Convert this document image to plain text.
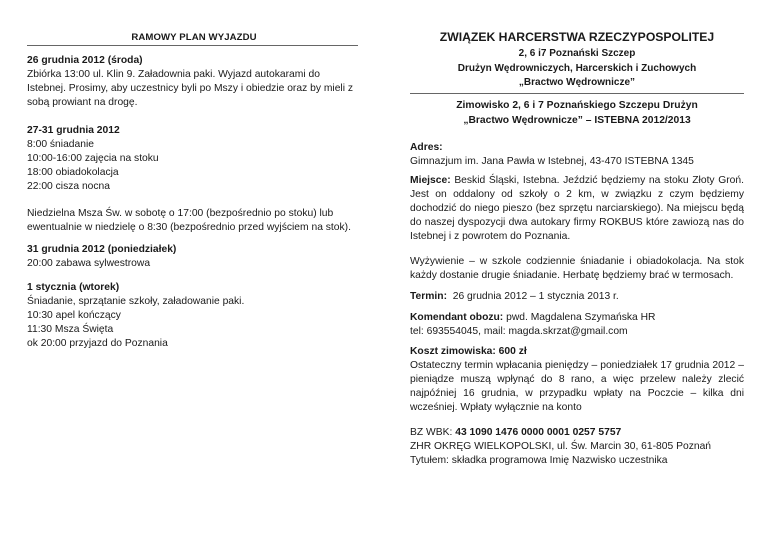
RAMOWY PLAN WYJAZDU

26 grudnia 2012 (środa)

Zbiórka 13:00 ul. Klin 9. Załadownia paki. Wyjazd autokarami do

Istebnej. Prosimy, aby uczestnicy byli po Mszy i obiedzie oraz by mieli z

sobą prowiant na drogę.

27-31 grudnia 2012

8:00 śniadanie

10:00-16:00 zajęcia na stoku

18:00 obiadokolacja

22:00 cisza nocna

Niedzielna Msza Św. w sobotę o 17:00 (bezpośrednio po stoku) lub

ewentualnie w niedzielę o 8:30 (bezpośrednio przed wyjściem na stok).

31 grudnia 2012 (poniedziałek)

20:00 zabawa sylwestrowa

1 stycznia (wtorek)

Śniadanie, sprzątanie szkoły, załadowanie paki.

10:30 apel kończący

11:30 Msza Święta

ok 20:00 przyjazd do Poznania

ZWIĄZEK HARCERSTWA RZECZYPOSPOLITEJ

2, 6 i7 Poznański Szczep

Drużyn Wędrowniczych, Harcerskich i Zuchowych

„Bractwo Wędrownicze”

Zimowisko 2, 6 i 7 Poznańskiego Szczepu Drużyn

„Bractwo Wędrownicze” – ISTEBNA 2012/2013

Adres:

Gimnazjum im. Jana Pawła w Istebnej, 43-470 ISTEBNA 1345

Miejsce: Beskid Śląski, Istebna. Jeździć będziemy na stoku Złoty Groń. Jest on oddalony od szkoły o 2 km, w związku z czym będziemy dochodzić do niego pieszo (bez sprzętu narciarskiego). Na miejscu będą do naszej dyspozycji dwa autokary firmy ROKBUS które zawiozą nas do Istebnej i z powrotem do Poznania.

Wyżywienie – w szkole codziennie śniadanie i obiadokolacja. Na stok każdy dostanie drugie śniadanie. Herbatę będziemy brać w termosach.

Termin: 26 grudnia 2012 – 1 stycznia 2013 r.

Komendant obozu: pwd. Magdalena Szymańska HR

tel: 693554045, mail: magda.skrzat@gmail.com

Koszt zimowiska: 600 zł

Ostateczny termin wpłacania pieniędzy – poniedziałek 17 grudnia 2012 – pieniądze muszą wpłynąć do 8 rano, a więc przelew należy zlecić najpóźniej 16 grudnia, w przypadku wpłaty na Poczcie – kilka dni wcześniej. Wpłaty wyłącznie na konto

BZ WBK: 43 1090 1476 0000 0001 0257 5757

ZHR OKRĘG WIELKOPOLSKI, ul. Św. Marcin 30, 61-805 Poznań

Tytułem: składka programowa Imię Nazwisko uczestnika
